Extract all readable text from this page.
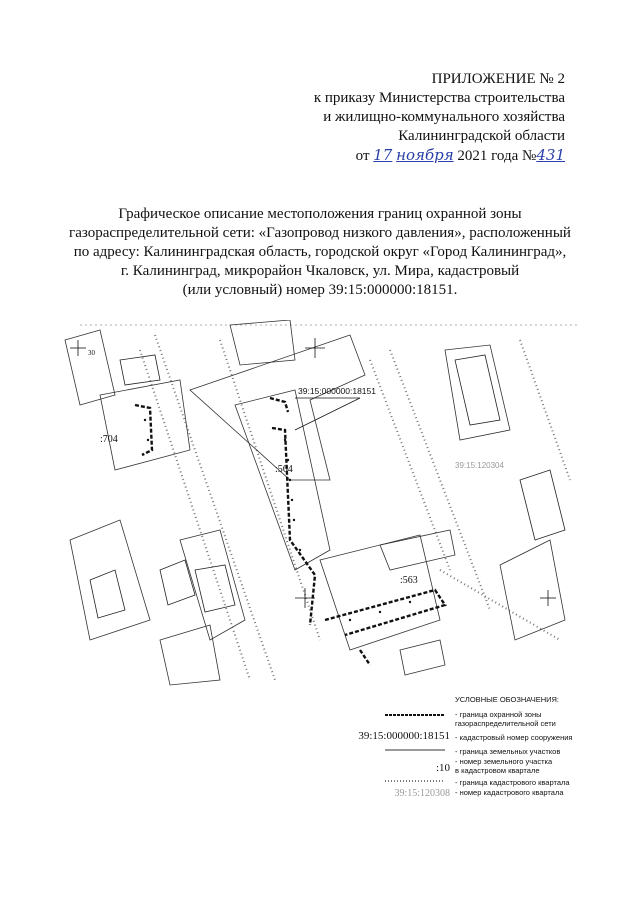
ПРИЛОЖЕНИЕ № 2
к приказу Министерства строительства
и жилищно-коммунального хозяйства
Калининградской области
от 17 ноября 2021 года №431
Графическое описание местоположения границ охранной зоны
газораспределительной сети: «Газопровод низкого давления», расположенный
по адресу: Калининградская область, городской округ «Город Калининград»,
г. Калининград, микрорайон Чкаловск, ул. Мира, кадастровый
(или условный) номер 39:15:000000:18151.
39:15:000000:18151
39:15:120304
:564
:563
:704
30
УСЛОВНЫЕ ОБОЗНАЧЕНИЯ:
- граница охранной зоны
газораспределительной сети
39:15:000000:18151 - кадастровый номер сооружения
- граница земельных участков
:10
- номер земельного участка
в кадастровом квартале
- граница кадастрового квартала
39:15:120308 - номер кадастрового квартала
